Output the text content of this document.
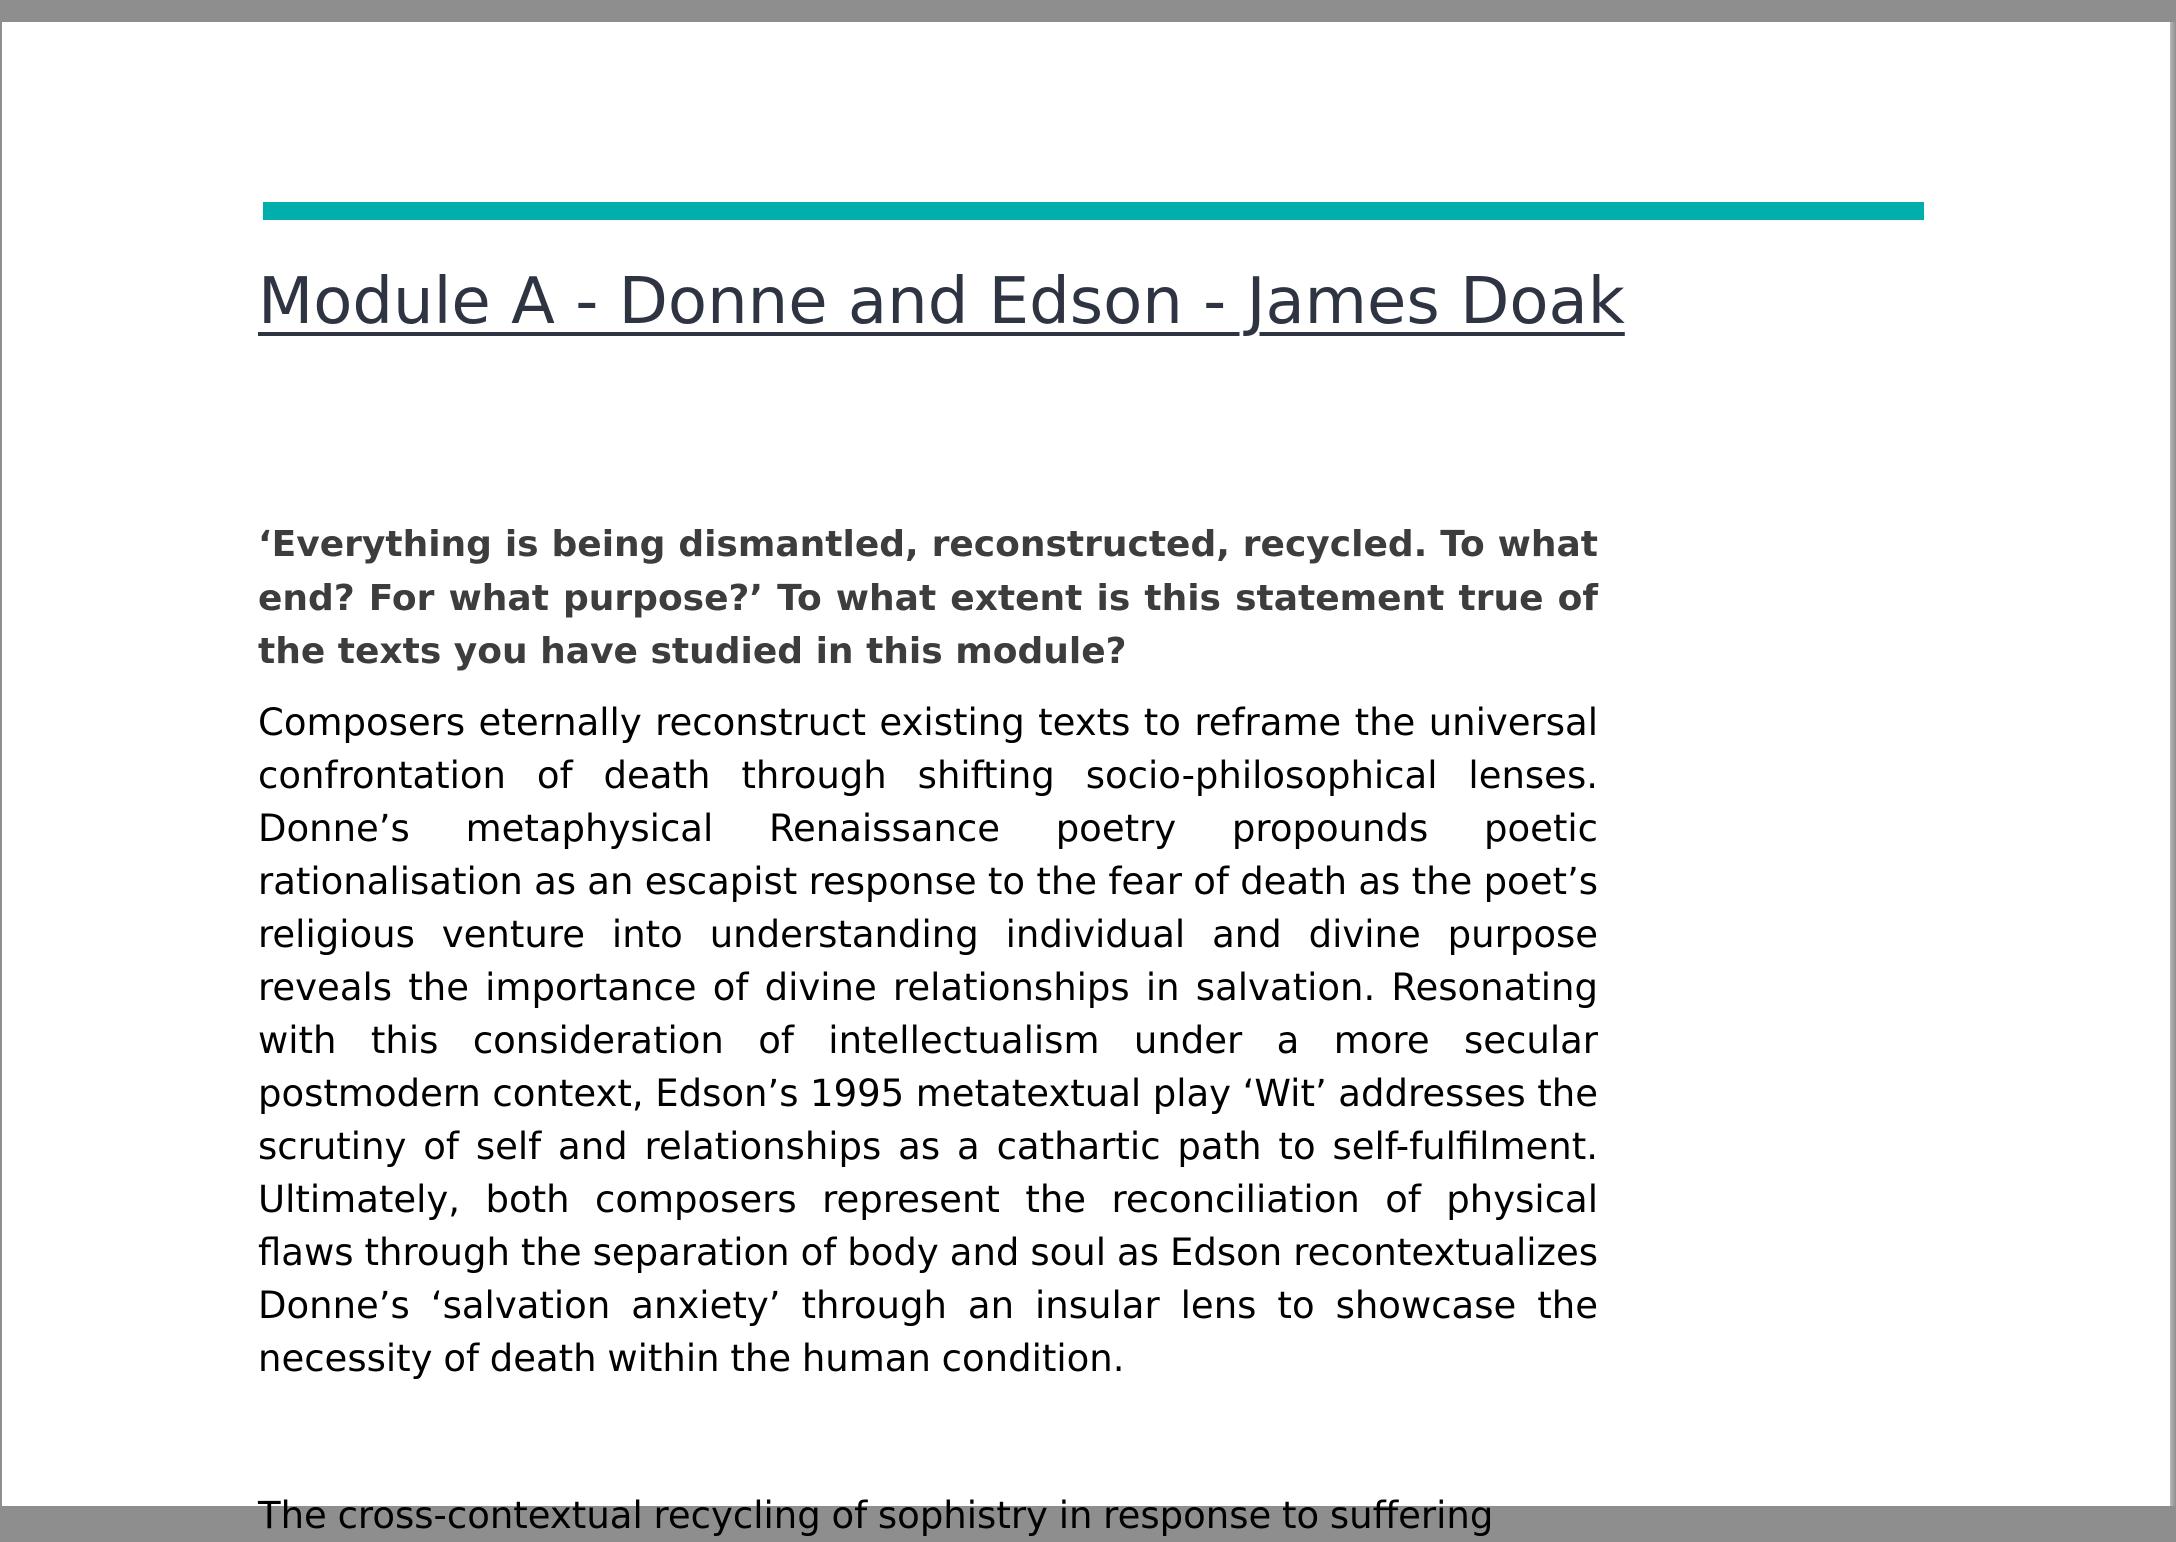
Module A - Donne and Edson - James Doak

‘Everything is being dismantled, reconstructed, recycled. To what end? For what purpose?’ To what extent is this statement true of the texts you have studied in this module?

Composers eternally reconstruct existing texts to reframe the universal confrontation of death through shifting socio-philosophical lenses. Donne’s metaphysical Renaissance poetry propounds poetic rationalisation as an escapist response to the fear of death as the poet’s religious venture into understanding individual and divine purpose reveals the importance of divine relationships in salvation. Resonating with this consideration of intellectualism under a more secular postmodern context, Edson’s 1995 metatextual play ‘Wit’ addresses the scrutiny of self and relationships as a cathartic path to self-fulfilment. Ultimately, both composers represent the reconciliation of physical flaws through the separation of body and soul as Edson recontextualizes Donne’s ‘salvation anxiety’ through an insular lens to showcase the necessity of death within the human condition.

The cross-contextual recycling of sophistry in response to suffering
